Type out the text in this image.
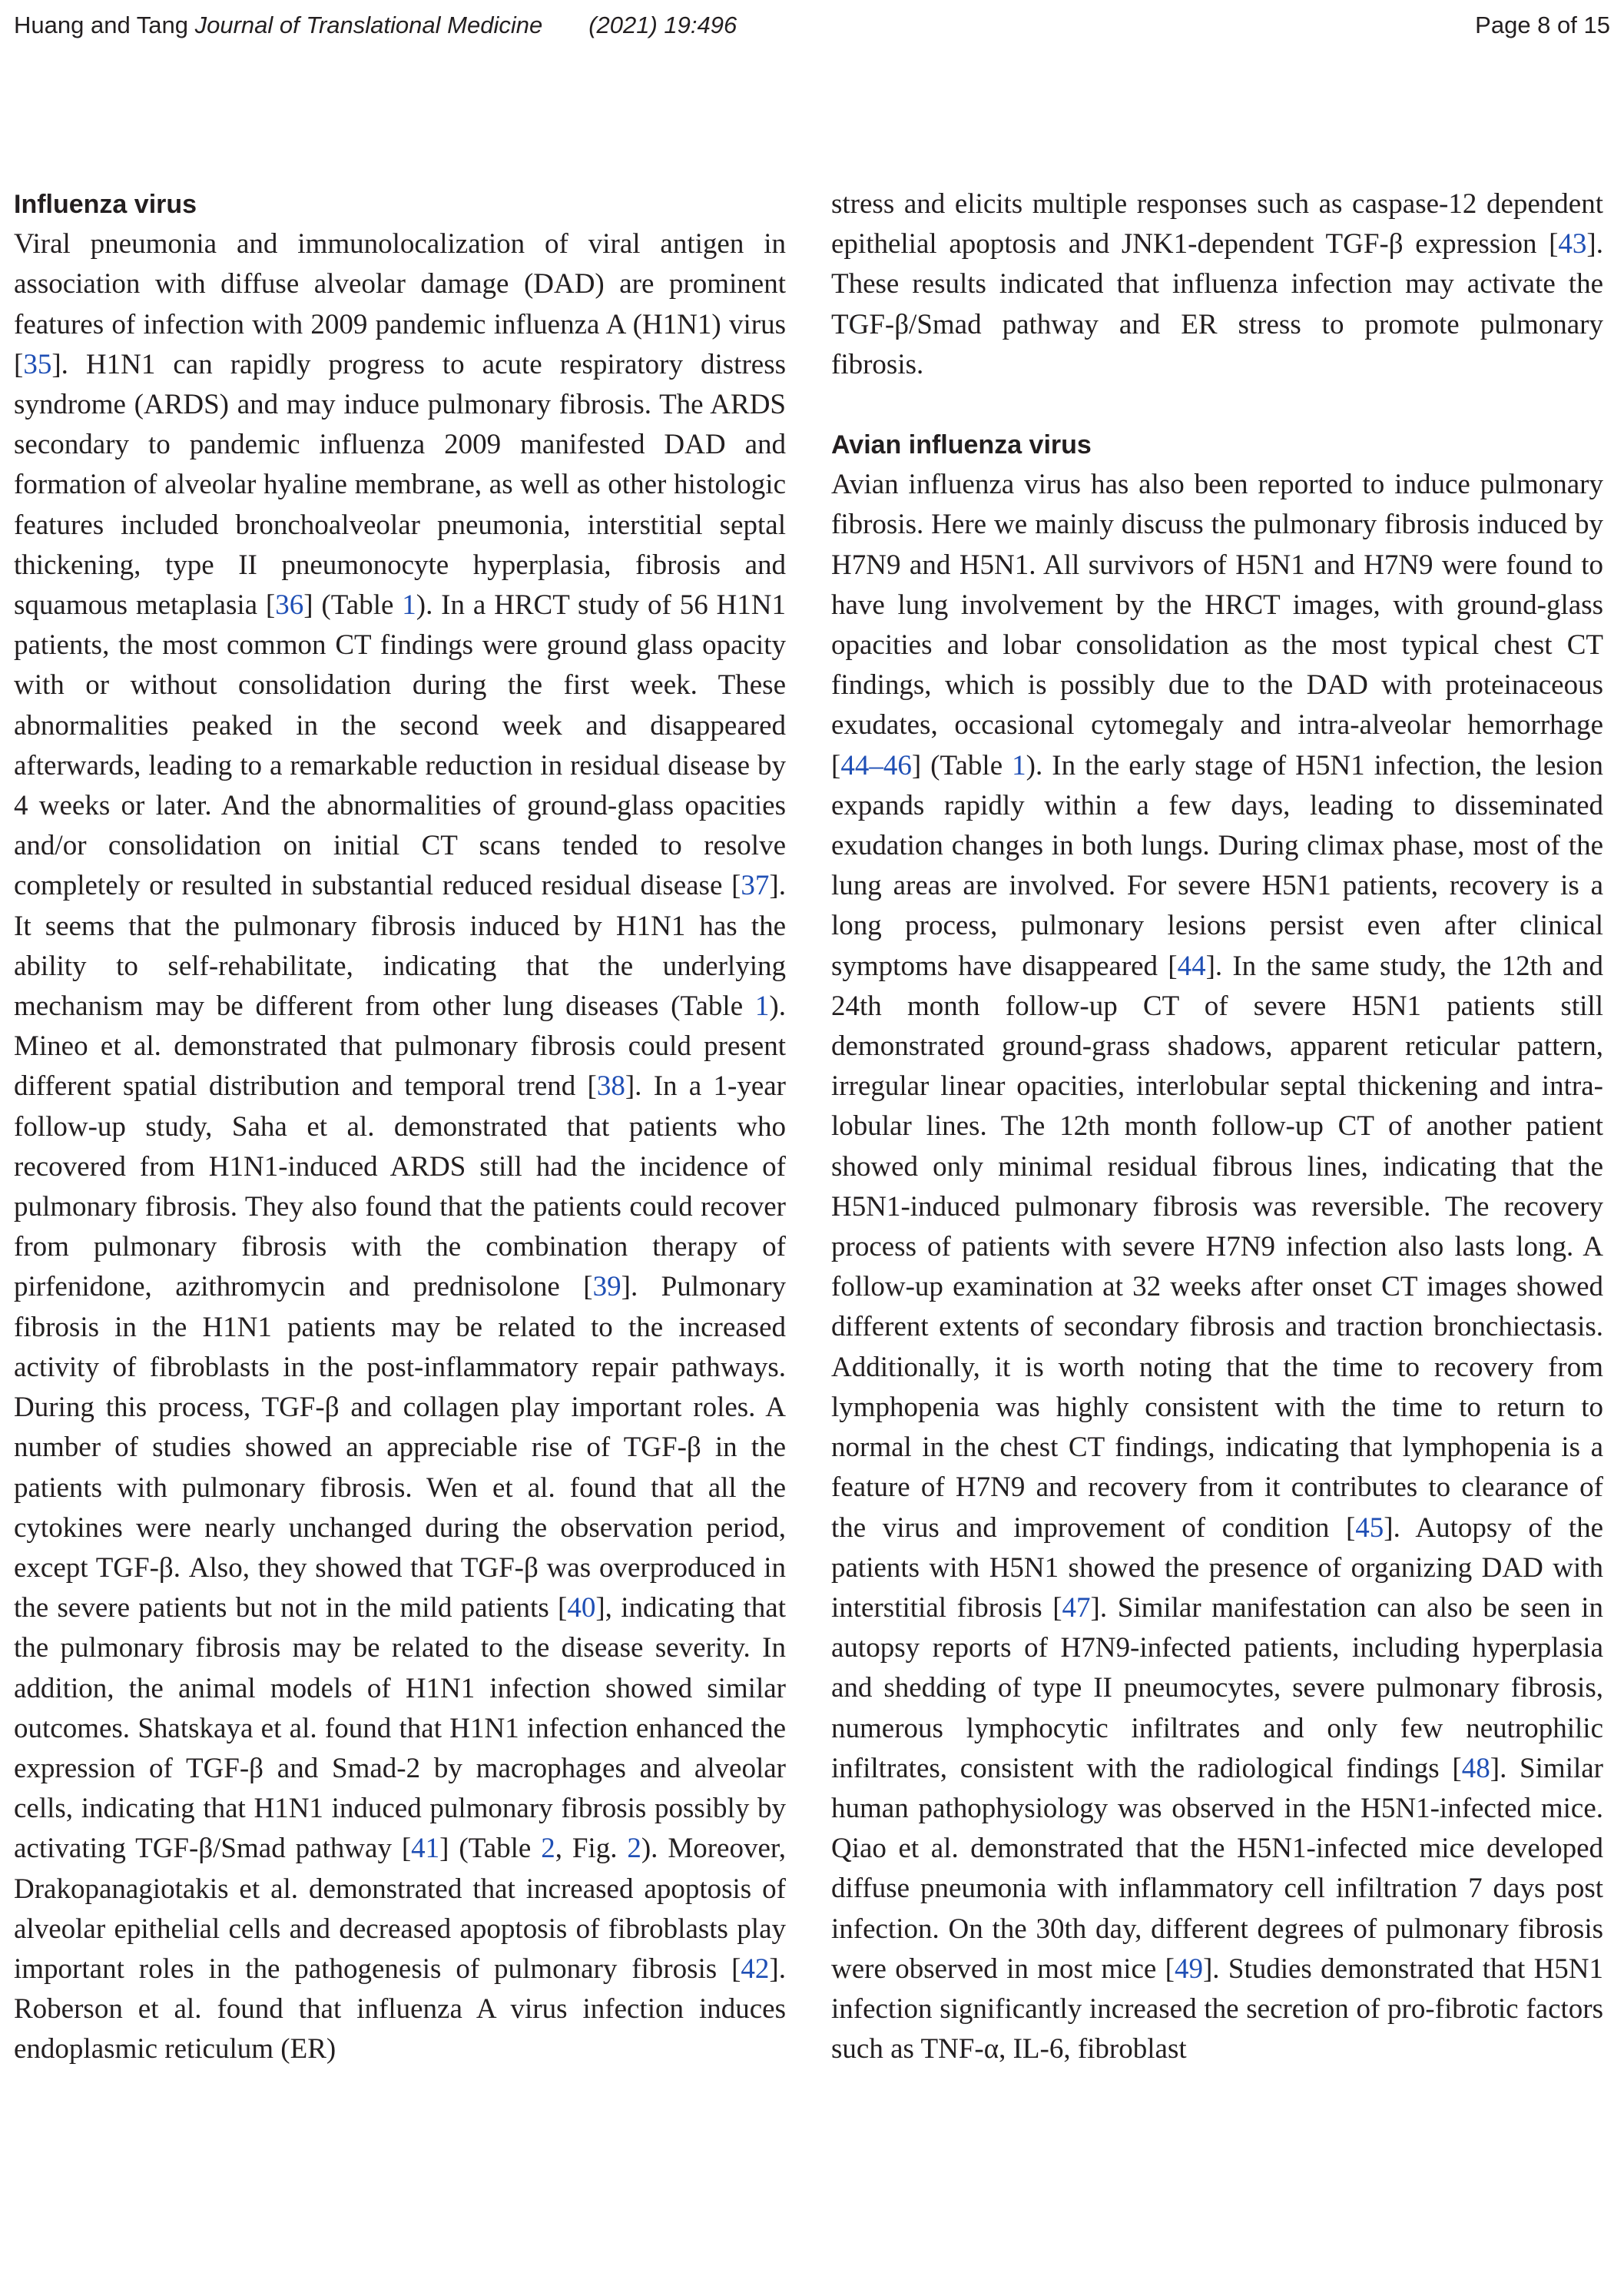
Huang and Tang Journal of Translational Medicine (2021) 19:496	Page 8 of 15
Influenza virus

Viral pneumonia and immunolocalization of viral antigen in association with diffuse alveolar damage (DAD) are prominent features of infection with 2009 pandemic influenza A (H1N1) virus [35]. H1N1 can rapidly progress to acute respiratory distress syndrome (ARDS) and may induce pulmonary fibrosis. The ARDS secondary to pandemic influenza 2009 manifested DAD and formation of alveolar hyaline membrane, as well as other histologic features included bronchoalveolar pneumonia, interstitial septal thickening, type II pneumonocyte hyperplasia, fibrosis and squamous metaplasia [36] (Table 1). In a HRCT study of 56 H1N1 patients, the most common CT findings were ground glass opacity with or without consolidation during the first week. These abnormalities peaked in the second week and disappeared afterwards, leading to a remarkable reduction in residual disease by 4 weeks or later. And the abnormalities of ground-glass opacities and/or consolidation on initial CT scans tended to resolve completely or resulted in substantial reduced residual disease [37]. It seems that the pulmonary fibrosis induced by H1N1 has the ability to self-rehabilitate, indicating that the underlying mechanism may be different from other lung diseases (Table 1). Mineo et al. demonstrated that pulmonary fibrosis could present different spatial distribution and temporal trend [38]. In a 1-year follow-up study, Saha et al. demonstrated that patients who recovered from H1N1-induced ARDS still had the incidence of pulmonary fibrosis. They also found that the patients could recover from pulmonary fibrosis with the combination therapy of pirfenidone, azithromycin and prednisolone [39]. Pulmonary fibrosis in the H1N1 patients may be related to the increased activity of fibroblasts in the post-inflammatory repair pathways. During this process, TGF-β and collagen play important roles. A number of studies showed an appreciable rise of TGF-β in the patients with pulmonary fibrosis. Wen et al. found that all the cytokines were nearly unchanged during the observation period, except TGF-β. Also, they showed that TGF-β was overproduced in the severe patients but not in the mild patients [40], indicating that the pulmonary fibrosis may be related to the disease severity. In addition, the animal models of H1N1 infection showed similar outcomes. Shatskaya et al. found that H1N1 infection enhanced the expression of TGF-β and Smad-2 by macrophages and alveolar cells, indicating that H1N1 induced pulmonary fibrosis possibly by activating TGF-β/Smad pathway [41] (Table 2, Fig. 2). Moreover, Drakopanagiotakis et al. demonstrated that increased apoptosis of alveolar epithelial cells and decreased apoptosis of fibroblasts play important roles in the pathogenesis of pulmonary fibrosis [42]. Roberson et al. found that influenza A virus infection induces endoplasmic reticulum (ER)

stress and elicits multiple responses such as caspase-12 dependent epithelial apoptosis and JNK1-dependent TGF-β expression [43]. These results indicated that influenza infection may activate the TGF-β/Smad pathway and ER stress to promote pulmonary fibrosis.

Avian influenza virus

Avian influenza virus has also been reported to induce pulmonary fibrosis. Here we mainly discuss the pulmonary fibrosis induced by H7N9 and H5N1. All survivors of H5N1 and H7N9 were found to have lung involvement by the HRCT images, with ground-glass opacities and lobar consolidation as the most typical chest CT findings, which is possibly due to the DAD with proteinaceous exudates, occasional cytomegaly and intra-alveolar hemorrhage [44–46] (Table 1). In the early stage of H5N1 infection, the lesion expands rapidly within a few days, leading to disseminated exudation changes in both lungs. During climax phase, most of the lung areas are involved. For severe H5N1 patients, recovery is a long process, pulmonary lesions persist even after clinical symptoms have disappeared [44]. In the same study, the 12th and 24th month follow-up CT of severe H5N1 patients still demonstrated ground-grass shadows, apparent reticular pattern, irregular linear opacities, interlobular septal thickening and intra-lobular lines. The 12th month follow-up CT of another patient showed only minimal residual fibrous lines, indicating that the H5N1-induced pulmonary fibrosis was reversible. The recovery process of patients with severe H7N9 infection also lasts long. A follow-up examination at 32 weeks after onset CT images showed different extents of secondary fibrosis and traction bronchiectasis. Additionally, it is worth noting that the time to recovery from lymphopenia was highly consistent with the time to return to normal in the chest CT findings, indicating that lymphopenia is a feature of H7N9 and recovery from it contributes to clearance of the virus and improvement of condition [45]. Autopsy of the patients with H5N1 showed the presence of organizing DAD with interstitial fibrosis [47]. Similar manifestation can also be seen in autopsy reports of H7N9-infected patients, including hyperplasia and shedding of type II pneumocytes, severe pulmonary fibrosis, numerous lymphocytic infiltrates and only few neutrophilic infiltrates, consistent with the radiological findings [48]. Similar human pathophysiology was observed in the H5N1-infected mice. Qiao et al. demonstrated that the H5N1-infected mice developed diffuse pneumonia with inflammatory cell infiltration 7 days post infection. On the 30th day, different degrees of pulmonary fibrosis were observed in most mice [49]. Studies demonstrated that H5N1 infection significantly increased the secretion of pro-fibrotic factors such as TNF-α, IL-6, fibroblast
